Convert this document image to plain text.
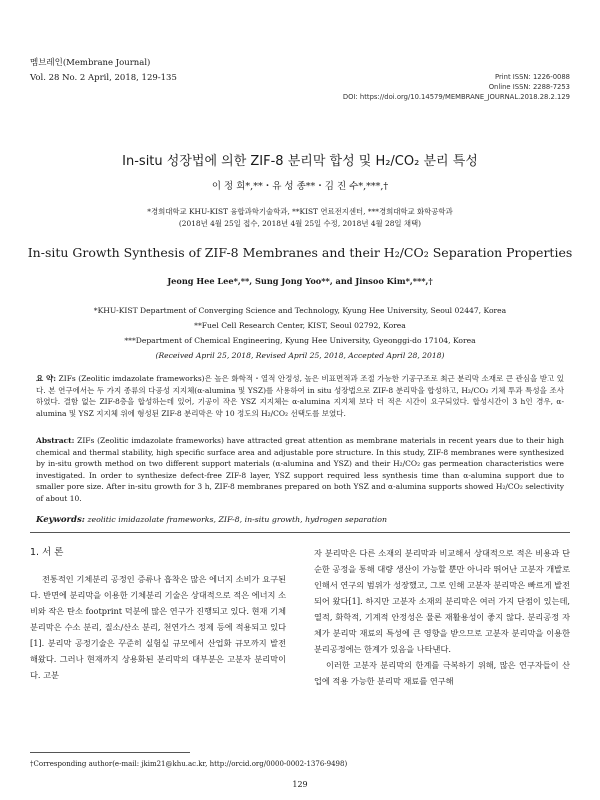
멤브레인(Membrane Journal)
Vol. 28 No. 2 April, 2018, 129-135	Print ISSN: 1226-0088
Online ISSN: 2288-7253
DOI: https://doi.org/10.14579/MEMBRANE_JOURNAL.2018.28.2.129
In-situ 성장법에 의한 ZIF-8 분리막 합성 및 H₂/CO₂ 분리 특성
이 정 희*,**・유 성 종**・김 진 수*,***,†
*경희대학교 KHU-KIST 융합과학기술학과, **KIST 연료전지센터, ***경희대학교 화학공학과
(2018년 4월 25일 접수, 2018년 4월 25일 수정, 2018년 4월 28일 채택)
In-situ Growth Synthesis of ZIF-8 Membranes and their H₂/CO₂ Separation Properties
Jeong Hee Lee*,**, Sung Jong Yoo**, and Jinsoo Kim*,***,†
*KHU-KIST Department of Converging Science and Technology, Kyung Hee University, Seoul 02447, Korea
**Fuel Cell Research Center, KIST, Seoul 02792, Korea
***Department of Chemical Engineering, Kyung Hee University, Gyeonggi-do 17104, Korea
(Received April 25, 2018, Revised April 25, 2018, Accepted April 28, 2018)
요 약: ZIFs (Zeolitic imdazolate frameworks)은 높은 화학적・열적 안정성, 높은 비표면적과 조절 가능한 기공구조로 최근 분리막 소재로 큰 관심을 받고 있다. 본 연구에서는 두 가지 종류의 다공성 지지체(α-alumina 및 YSZ)를 사용하여 in situ 성장법으로 ZIF-8 분리막을 합성하고, H₂/CO₂ 기체 투과 특성을 조사하였다. 결함 없는 ZIF-8층을 합성하는데 있어, 기공이 작은 YSZ 지지체는 α-alumina 지지체 보다 더 적은 시간이 요구되었다. 합성시간이 3 h인 경우, α-alumina 및 YSZ 지지체 위에 형성된 ZIF-8 분리막은 약 10 정도의 H₂/CO₂ 선택도를 보였다.
Abstract: ZIFs (Zeolitic imdazolate frameworks) have attracted great attention as membrane materials in recent years due to their high chemical and thermal stability, high specific surface area and adjustable pore structure. In this study, ZIF-8 membranes were synthesized by in-situ growth method on two different support materials (α-alumina and YSZ) and their H₂/CO₂ gas permeation characteristics were investigated. In order to synthesize defect-free ZIF-8 layer, YSZ support required less synthesis time than α-alumina support due to smaller pore size. After in-situ growth for 3 h, ZIF-8 membranes prepared on both YSZ and α-alumina supports showed H₂/CO₂ selectivity of about 10.
Keywords: zeolitic imidazolate frameworks, ZIF-8, in-situ growth, hydrogen separation
1. 서 론

전통적인 기체분리 공정인 증류나 흡착은 많은 에너지 소비가 요구된다. 반면에 분리막을 이용한 기체분리 기술은 상대적으로 적은 에너지 소비와 작은 탄소 footprint 덕분에 많은 연구가 진행되고 있다. 현재 기체 분리막은 수소 분리, 질소/산소 분리, 천연가스 정제 등에 적용되고 있다[1]. 분리막 공정기술은 꾸준히 실험실 규모에서 산업화 규모까지 발전해왔다. 그러나 현재까지 상용화된 분리막의 대부분은 고분자 분리막이다. 고분

자 분리막은 다른 소재의 분리막과 비교해서 상대적으로 적은 비용과 단순한 공정을 통해 대량 생산이 가능할 뿐만 아니라 뛰어난 고분자 개발로 인해서 연구의 범위가 성장했고, 그로 인해 고분자 분리막은 빠르게 발전되어 왔다[1]. 하지만 고분자 소재의 분리막은 여러 가지 단점이 있는데, 열적, 화학적, 기계적 안정성은 물론 재활용성이 좋지 않다. 분리공정 자체가 분리막 재료의 특성에 큰 영향을 받으므로 고분자 분리막을 이용한 분리공정에는 한계가 있음을 나타낸다.

이러한 고분자 분리막의 한계를 극복하기 위해, 많은 연구자들이 산업에 적용 가능한 분리막 재료를 연구해

†Corresponding author(e-mail: jkim21@khu.ac.kr, http://orcid.org/0000-0002-1376-9498)
129
